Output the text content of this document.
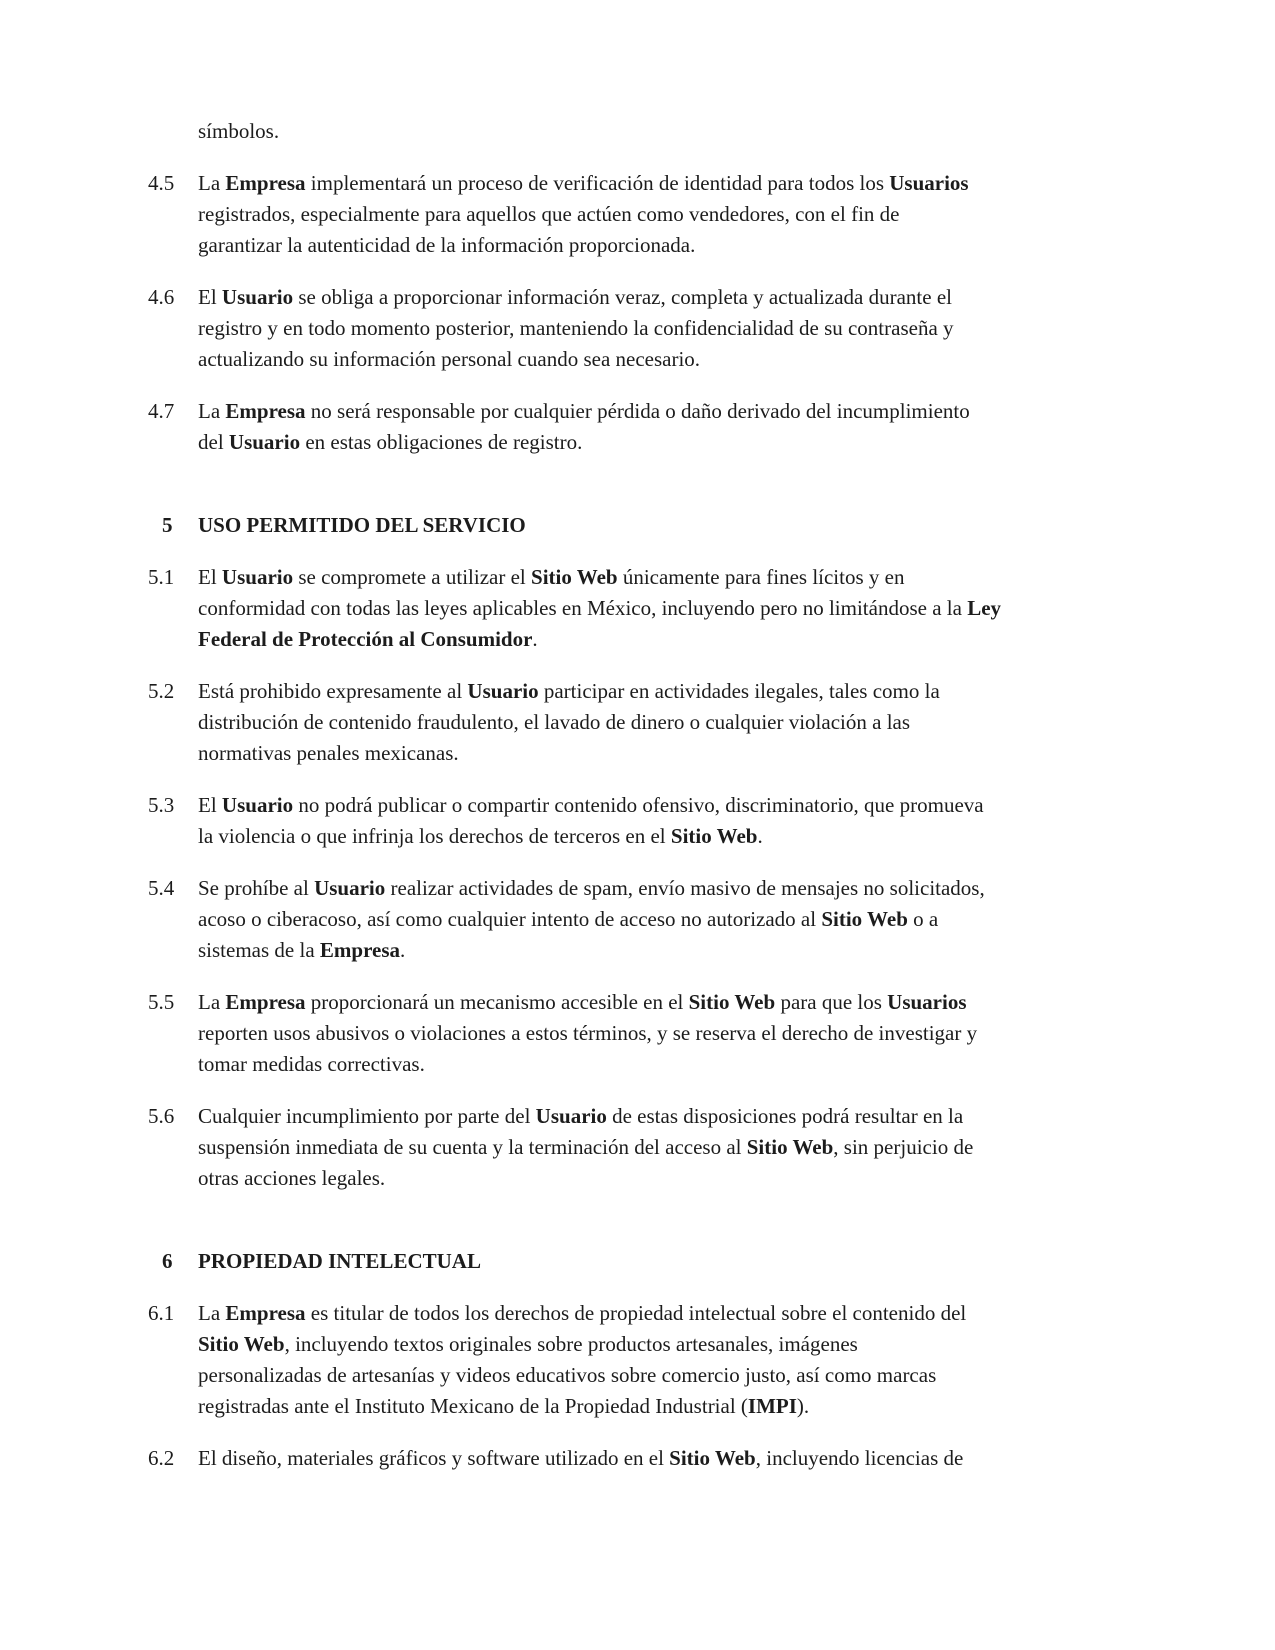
símbolos.
4.5	La Empresa implementará un proceso de verificación de identidad para todos los Usuarios
registrados, especialmente para aquellos que actúen como vendedores, con el fin de
garantizar la autenticidad de la información proporcionada.
4.6	El Usuario se obliga a proporcionar información veraz, completa y actualizada durante el
registro y en todo momento posterior, manteniendo la confidencialidad de su contraseña y
actualizando su información personal cuando sea necesario.
4.7	La Empresa no será responsable por cualquier pérdida o daño derivado del incumplimiento
del Usuario en estas obligaciones de registro.
5	USO PERMITIDO DEL SERVICIO
5.1	El Usuario se compromete a utilizar el Sitio Web únicamente para fines lícitos y en
conformidad con todas las leyes aplicables en México, incluyendo pero no limitándose a la Ley
Federal de Protección al Consumidor.
5.2	Está prohibido expresamente al Usuario participar en actividades ilegales, tales como la
distribución de contenido fraudulento, el lavado de dinero o cualquier violación a las
normativas penales mexicanas.
5.3	El Usuario no podrá publicar o compartir contenido ofensivo, discriminatorio, que promueva
la violencia o que infrinja los derechos de terceros en el Sitio Web.
5.4	Se prohíbe al Usuario realizar actividades de spam, envío masivo de mensajes no solicitados,
acoso o ciberacoso, así como cualquier intento de acceso no autorizado al Sitio Web o a
sistemas de la Empresa.
5.5	La Empresa proporcionará un mecanismo accesible en el Sitio Web para que los Usuarios
reporten usos abusivos o violaciones a estos términos, y se reserva el derecho de investigar y
tomar medidas correctivas.
5.6	Cualquier incumplimiento por parte del Usuario de estas disposiciones podrá resultar en la
suspensión inmediata de su cuenta y la terminación del acceso al Sitio Web, sin perjuicio de
otras acciones legales.
6	PROPIEDAD INTELECTUAL
6.1	La Empresa es titular de todos los derechos de propiedad intelectual sobre el contenido del
Sitio Web, incluyendo textos originales sobre productos artesanales, imágenes
personalizadas de artesanías y videos educativos sobre comercio justo, así como marcas
registradas ante el Instituto Mexicano de la Propiedad Industrial (IMPI).
6.2	El diseño, materiales gráficos y software utilizado en el Sitio Web, incluyendo licencias de
